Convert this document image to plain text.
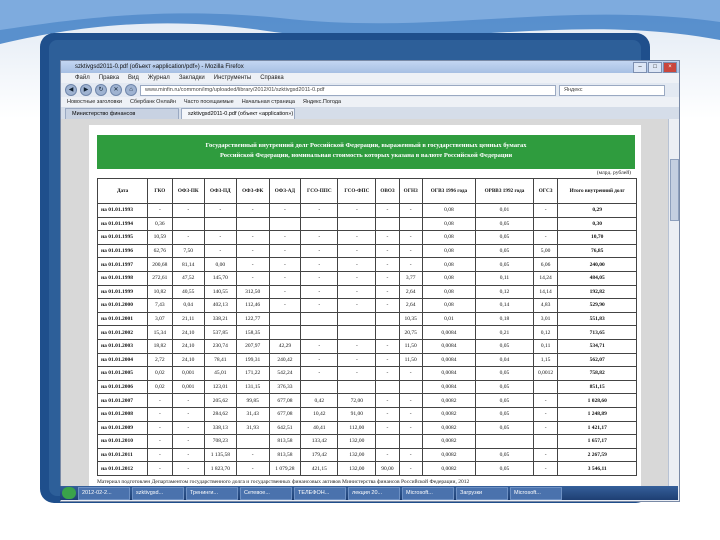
szktivgsd2011-0.pdf (объект «application/pdf») - Mozilla Firefox	–	□	×
Файл Правка Вид Журнал Закладки Инструменты Справка
◀	▶	↻	✕	⌂	www.minfin.ru/common/img/uploaded/library/2012/01/szktivgsd2011-0.pdf	Яндекс
Новостные заголовки Сбербанк Онлайн Часто посещаемые Начальная страница Яндекс.Погода
Министерство финансов	szktivgsd2011-0.pdf (объект «application»)
Государственный внутренний долг Российской Федерации, выраженный в государственных ценных бумагах
Российской Федерации, номинальная стоимость которых указана в валюте Российской Федерации
(млрд. рублей)
Дата	ГКО	ОФЗ-ПК	ОФЗ-ПД	ОФЗ-ФК	ОФЗ-АД	ГСО-ППС	ГСО-ФПС	ОВОЗ	ОГНЗ	ОГВЗ 1996 года	ОРВВЗ 1992 года	ОГСЗ	Итого внутренний долг
на 01.01.1993	-	-	-	-	-	-	-	-	-	0,08	0,01	-	0,29
на 01.01.1994	0,36									0,08	0,05		0,30
на 01.01.1995	10,59	-	-	-	-	-	-	-	-	0,08	0,05	-	10,70
на 01.01.1996	62,76	7,50	-	-	-	-	-	-	-	0,08	0,05	5,00	76,85
на 01.01.1997	200,68	81,14	0,00	-	-	-	-	-	-	0,08	0,05	6,06	240,00
на 01.01.1998	272,61	47,52	145,70	-	-	-	-	-	3,77	0,08	0,11	14,24	484,05
на 01.01.1999	10,82	40,55	140,55	312,50	-	-	-	-	2,64	0,08	0,12	14,14	192,82
на 01.01.2000	7,43	0,04	402,13	112,46	-	-	-	-	2,64	0,08	0,14	4,83	529,90
на 01.01.2001	3,07	21,11	338,21	122,77					10,35	0,01	0,18	3,01	551,83
на 01.01.2002	15,34	24,10	537,85	158,35					20,75	0,0084	0,21	0,12	713,65
на 01.01.2003	18,82	24,10	230,74	207,97	42,29	-	-	-	11,50	0,0084	0,05	0,11	534,71
на 01.01.2004	2,72	24,10	78,41	199,31	240,42	-	-	-	11,50	0,0084	0,04	1,15	562,07
на 01.01.2005	0,02	0,001	45,01	171,22	542,24	-	-	-	-	0,0084	0,05	0,0012	758,82
на 01.01.2006	0,02	0,001	123,01	131,15	376,33					0,0084	0,05		851,15
на 01.01.2007	-	-	205,62	99,85	677,08	0,42	72,00	-	-	0,0082	0,05	-	1 028,60
на 01.01.2008	-	-	284,62	31,43	677,08	10,42	91,00	-	-	0,0082	0,05	-	1 248,89
на 01.01.2009	-	-	338,13	31,93	642,51	40,41	112,00	-	-	0,0082	0,05	-	1 421,17
на 01.01.2010	-	-	708,23		813,58	133,42	132,00			0,0082			1 657,17
на 01.01.2011	-	-	1 135,58	-	813,58	179,42	132,00	-	-	0,0082	0,05	-	2 267,59
на 01.01.2012	-	-	1 823,70	-	1 079,28	421,15	132,00	90,00	-	0,0082	0,05	-	3 546,11
Материал подготовлен Департаментом государственного долга и государственных финансовых активов Министерства финансов Российской Федерации, 2012
2012-02-2...	szktivgsd...	Тренинги...	Сетевое...	ТЕЛЕФОН...	лекция 20...	Microsoft...	Загрузки	Microsoft...
